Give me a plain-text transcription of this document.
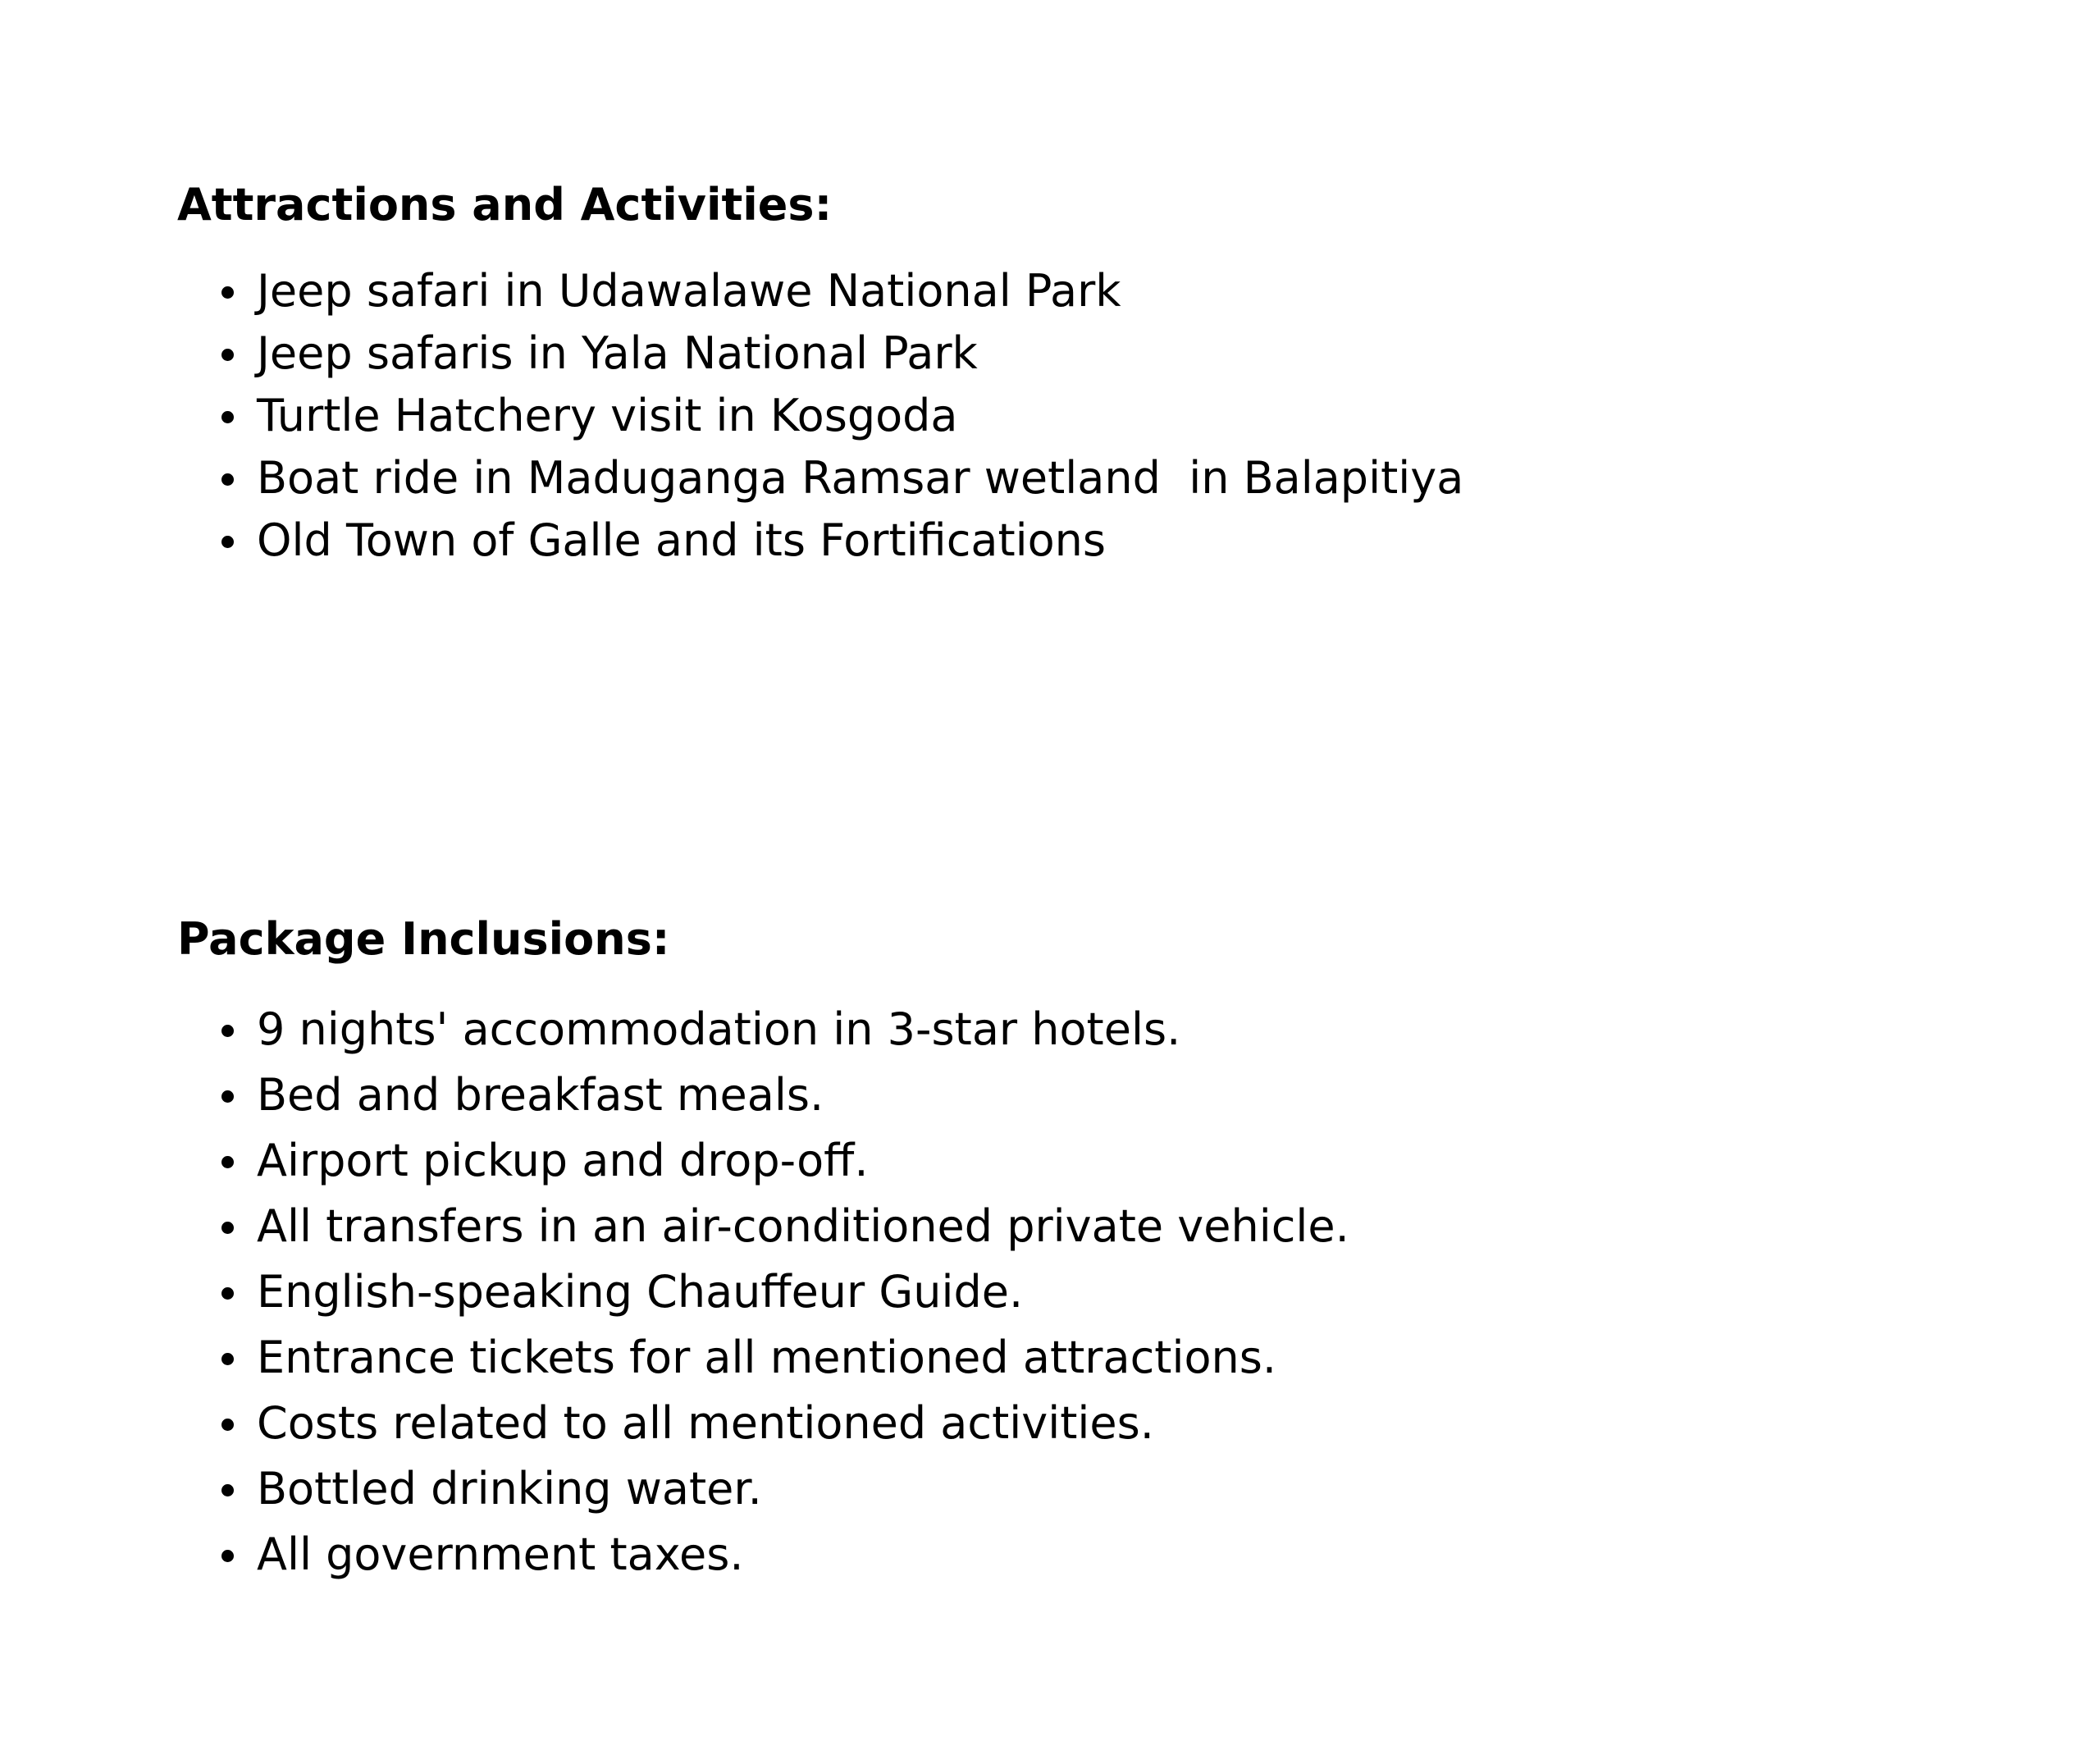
Attractions and Activities:
Jeep safari in Udawalawe National Park
Jeep safaris in Yala National Park
Turtle Hatchery visit in Kosgoda
Boat ride in Maduganga Ramsar wetland  in Balapitiya
Old Town of Galle and its Fortifications
Package Inclusions:
9 nights' accommodation in 3-star hotels.
Bed and breakfast meals.
Airport pickup and drop-off.
All transfers in an air-conditioned private vehicle.
English-speaking Chauffeur Guide.
Entrance tickets for all mentioned attractions.
Costs related to all mentioned activities.
Bottled drinking water.
All government taxes.
